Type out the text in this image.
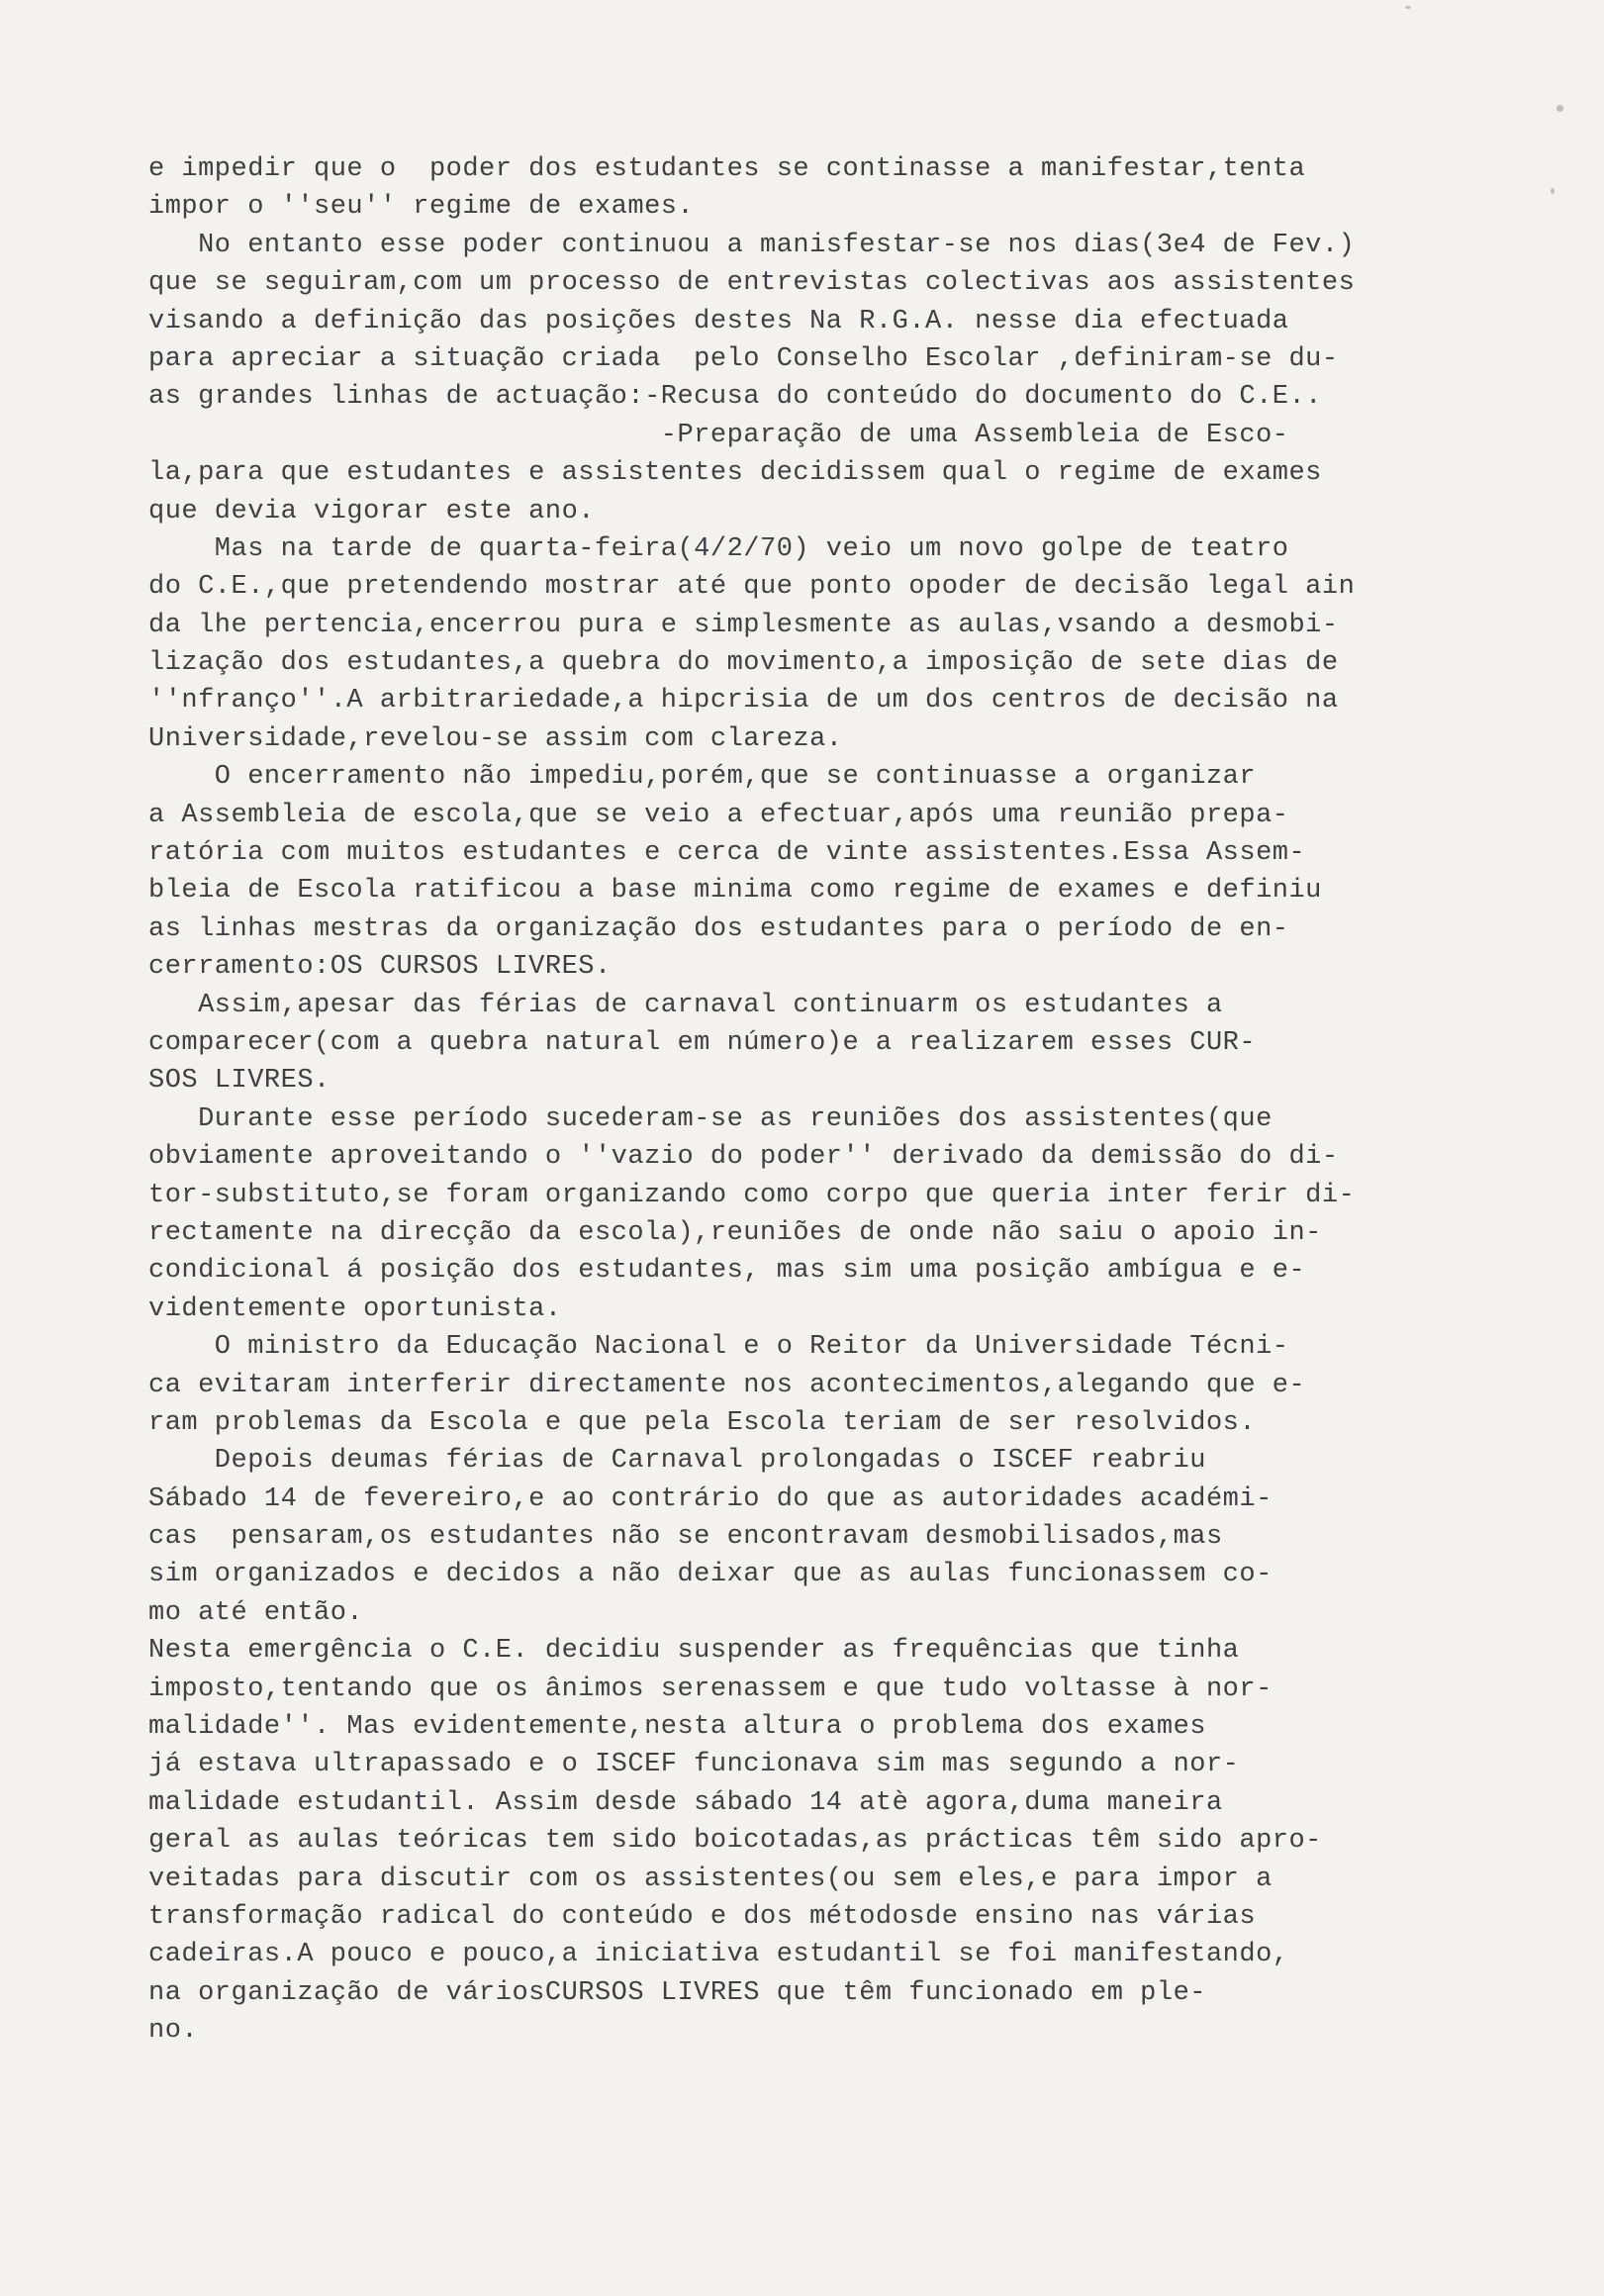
e impedir que o  poder dos estudantes se continasse a manifestar,tenta
impor o ''seu'' regime de exames.
No entanto esse poder continuou a manisfestar-se nos dias(3e4 de Fev.)
que se seguiram,com um processo de entrevistas colectivas aos assistentes
visando a definição das posições destes Na R.G.A. nesse dia efectuada
para apreciar a situação criada  pelo Conselho Escolar ,definiram-se du-
as grandes linhas de actuação:-Recusa do conteúdo do documento do C.E..
-Preparação de uma Assembleia de Esco-
la,para que estudantes e assistentes decidissem qual o regime de exames
que devia vigorar este ano.
Mas na tarde de quarta-feira(4/2/70) veio um novo golpe de teatro
do C.E.,que pretendendo mostrar até que ponto opoder de decisão legal ain
da lhe pertencia,encerrou pura e simplesmente as aulas,vsando a desmobi-
lização dos estudantes,a quebra do movimento,a imposição de sete dias de
''nfranço''.A arbitrariedade,a hipcrisia de um dos centros de decisão na
Universidade,revelou-se assim com clareza.
O encerramento não impediu,porém,que se continuasse a organizar
a Assembleia de escola,que se veio a efectuar,após uma reunião prepa-
ratória com muitos estudantes e cerca de vinte assistentes.Essa Assem-
bleia de Escola ratificou a base minima como regime de exames e definiu
as linhas mestras da organização dos estudantes para o período de en-
cerramento:OS CURSOS LIVRES.
Assim,apesar das férias de carnaval continuarm os estudantes a
comparecer(com a quebra natural em número)e a realizarem esses CUR-
SOS LIVRES.
Durante esse período sucederam-se as reuniões dos assistentes(que
obviamente aproveitando o ''vazio do poder'' derivado da demissão do di-
tor-substituto,se foram organizando como corpo que queria inter ferir di-
rectamente na direcção da escola),reuniões de onde não saiu o apoio in-
condicional á posição dos estudantes, mas sim uma posição ambígua e e-
videntemente oportunista.
O ministro da Educação Nacional e o Reitor da Universidade Técni-
ca evitaram interferir directamente nos acontecimentos,alegando que e-
ram problemas da Escola e que pela Escola teriam de ser resolvidos.
Depois deumas férias de Carnaval prolongadas o ISCEF reabriu
Sábado 14 de fevereiro,e ao contrário do que as autoridades académi-
cas  pensaram,os estudantes não se encontravam desmobilisados,mas
sim organizados e decidos a não deixar que as aulas funcionassem co-
mo até então.
Nesta emergência o C.E. decidiu suspender as frequências que tinha
imposto,tentando que os ânimos serenassem e que tudo voltasse à nor-
malidade''. Mas evidentemente,nesta altura o problema dos exames
já estava ultrapassado e o ISCEF funcionava sim mas segundo a nor-
malidade estudantil. Assim desde sábado 14 atè agora,duma maneira
geral as aulas teóricas tem sido boicotadas,as prácticas têm sido apro-
veitadas para discutir com os assistentes(ou sem eles,e para impor a
transformação radical do conteúdo e dos métodosde ensino nas várias
cadeiras.A pouco e pouco,a iniciativa estudantil se foi manifestando,
na organização de váriosCURSOS LIVRES que têm funcionado em ple-
no.
